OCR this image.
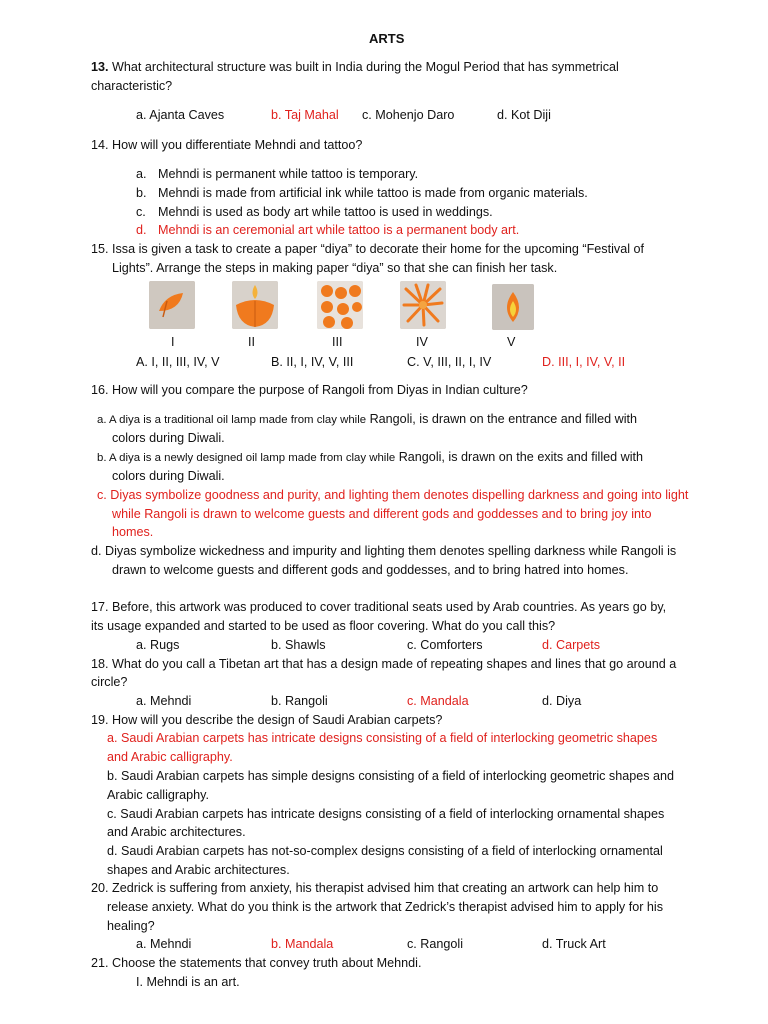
ARTS
13. What architectural structure was built in India during the Mogul Period that has symmetrical
characteristic?
a. Ajanta Caves	b. Taj Mahal c. Mohenjo Daro	d. Kot Diji
14. How will you differentiate Mehndi and tattoo?
a. Mehndi is permanent while tattoo is temporary.
b. Mehndi is made from artificial ink while tattoo is made from organic materials.
c. Mehndi is used as body art while tattoo is used in weddings.
d. Mehndi is an ceremonial art while tattoo is a permanent body art.
15. Issa is given a task to create a paper “diya” to decorate their home for the upcoming “Festival of
Lights”. Arrange the steps in making paper “diya” so that she can finish her task.
I	II	III	IV	V
A. I, II, III, IV, V	B. II, I, IV, V, III	C. V, III, II, I, IV	D. III, I, IV, V, II
16. How will you compare the purpose of Rangoli from Diyas in Indian culture?
a. A diya is a traditional oil lamp made from clay while Rangoli, is drawn on the entrance and filled with
colors during Diwali.
b. A diya is a newly designed oil lamp made from clay while Rangoli, is drawn on the exits and filled with
colors during Diwali.
c. Diyas symbolize goodness and purity, and lighting them denotes dispelling darkness and going into light
while Rangoli is drawn to welcome guests and different gods and goddesses and to bring joy into
homes.
d. Diyas symbolize wickedness and impurity and lighting them denotes spelling darkness while Rangoli is
drawn to welcome guests and different gods and goddesses, and to bring hatred into homes.
17. Before, this artwork was produced to cover traditional seats used by Arab countries. As years go by,
its usage expanded and started to be used as floor covering. What do you call this?
a. Rugs	b. Shawls	c. Comforters	d. Carpets
18. What do you call a Tibetan art that has a design made of repeating shapes and lines that go around a
circle?
a. Mehndi	b. Rangoli	c. Mandala	d. Diya
19. How will you describe the design of Saudi Arabian carpets?
a. Saudi Arabian carpets has intricate designs consisting of a field of interlocking geometric shapes
and Arabic calligraphy.
b. Saudi Arabian carpets has simple designs consisting of a field of interlocking geometric shapes and
Arabic calligraphy.
c. Saudi Arabian carpets has intricate designs consisting of a field of interlocking ornamental shapes
and Arabic architectures.
d. Saudi Arabian carpets has not-so-complex designs consisting of a field of interlocking ornamental
shapes and Arabic architectures.
20. Zedrick is suffering from anxiety, his therapist advised him that creating an artwork can help him to
release anxiety. What do you think is the artwork that Zedrick’s therapist advised him to apply for his
healing?
a. Mehndi	b. Mandala	c. Rangoli	d. Truck Art
21. Choose the statements that convey truth about Mehndi.
I. Mehndi is an art.
